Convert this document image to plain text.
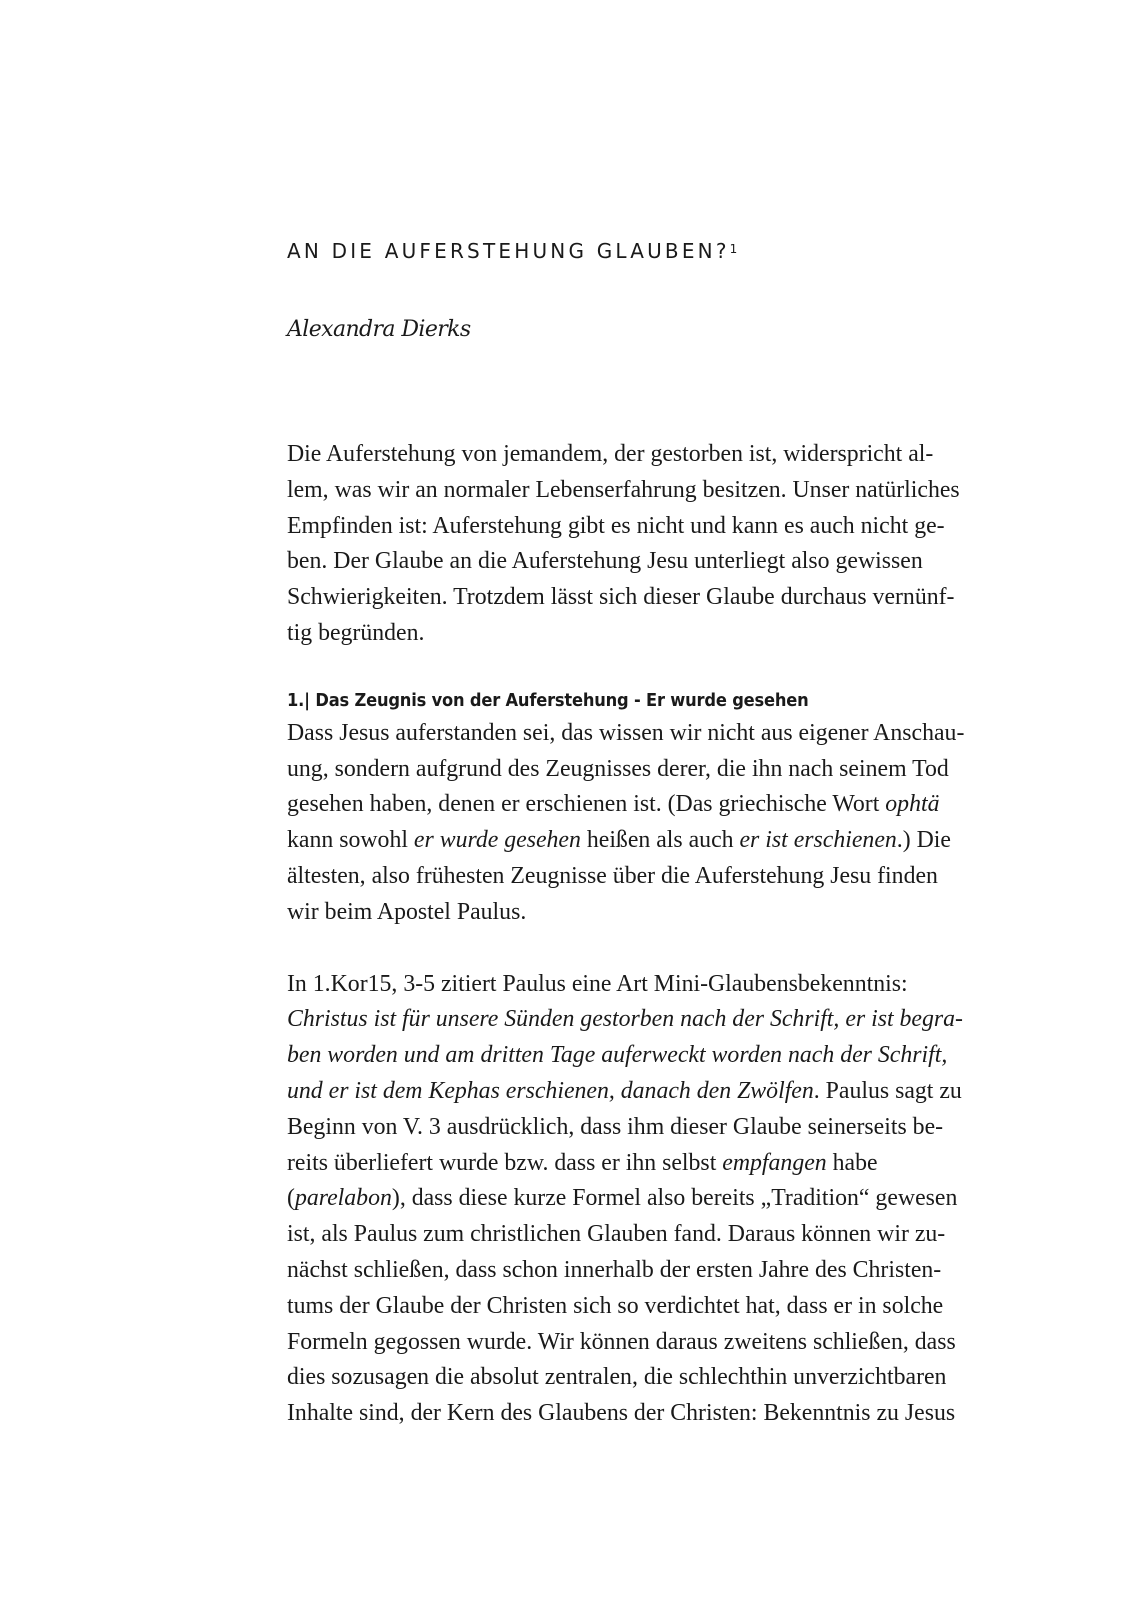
AN DIE AUFERSTEHUNG GLAUBEN?$^1$
Alexandra Dierks

Die Auferstehung von jemandem, der gestorben ist, widerspricht al-
lem, was wir an normaler Lebenserfahrung besitzen. Unser natürliches
Empfinden ist: Auferstehung gibt es nicht und kann es auch nicht ge-
ben. Der Glaube an die Auferstehung Jesu unterliegt also gewissen
Schwierigkeiten. Trotzdem lässt sich dieser Glaube durchaus vernünf-
tig begründen.

1.| Das Zeugnis von der Auferstehung - Er wurde gesehen

Dass Jesus auferstanden sei, das wissen wir nicht aus eigener Anschau-
ung, sondern aufgrund des Zeugnisses derer, die ihn nach seinem Tod
gesehen haben, denen er erschienen ist. (Das griechische Wort ophtä
kann sowohl er wurde gesehen heißen als auch er ist erschienen.) Die
ältesten, also frühesten Zeugnisse über die Auferstehung Jesu finden
wir beim Apostel Paulus.

In 1.Kor15, 3-5 zitiert Paulus eine Art Mini-Glaubensbekenntnis:
Christus ist für unsere Sünden gestorben nach der Schrift, er ist begra-
ben worden und am dritten Tage auferweckt worden nach der Schrift,
und er ist dem Kephas erschienen, danach den Zwölfen. Paulus sagt zu
Beginn von V. 3 ausdrücklich, dass ihm dieser Glaube seinerseits be-
reits überliefert wurde bzw. dass er ihn selbst empfangen habe
(parelabon), dass diese kurze Formel also bereits „Tradition“ gewesen
ist, als Paulus zum christlichen Glauben fand. Daraus können wir zu-
nächst schließen, dass schon innerhalb der ersten Jahre des Christen-
tums der Glaube der Christen sich so verdichtet hat, dass er in solche
Formeln gegossen wurde. Wir können daraus zweitens schließen, dass
dies sozusagen die absolut zentralen, die schlechthin unverzichtbaren
Inhalte sind, der Kern des Glaubens der Christen: Bekenntnis zu Jesus
